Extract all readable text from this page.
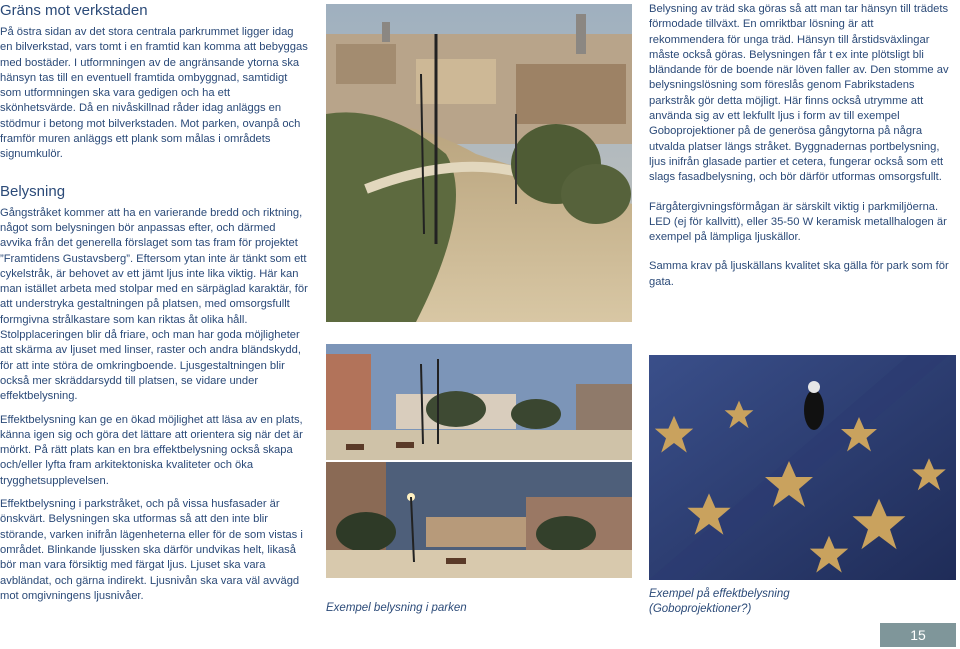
Gräns mot verkstaden

På östra sidan av det stora centrala parkrummet ligger idag en bilverkstad, vars tomt i en framtid kan komma att bebyggas med bostäder. I utformningen av de angränsande ytorna ska hänsyn tas till en eventuell framtida ombyggnad, samtidigt som utformningen ska vara gedigen och ha ett skönhetsvärde. Då en nivåskillnad råder idag anläggs en stödmur i betong mot bilverkstaden. Mot parken, ovanpå och framför muren anläggs ett plank som målas i områdets signumkulör.

Belysning

Gångstråket kommer att ha en varierande bredd och riktning, något som belysningen bör anpassas efter, och därmed avvika från det generella förslaget som tas fram för projektet ”Framtidens Gustavsberg”. Eftersom ytan inte är tänkt som ett cykelstråk, är behovet av ett jämt ljus inte lika viktig. Här kan man istället arbeta med stolpar med en särpäglad karaktär, för att understryka gestaltningen på platsen, med omsorgsfullt formgivna strålkastare som kan riktas åt olika håll. Stolpplaceringen blir då friare, och man har goda möjligheter att skärma av ljuset med linser, raster och andra bländskydd, för att inte störa de omkringboende. Ljusgestaltningen blir också mer skräddarsydd till platsen, se vidare under effektbelysning.

Effektbelysning kan ge en ökad möjlighet att läsa av en plats, känna igen sig och göra det lättare att orientera sig när det är mörkt. På rätt plats kan en bra effektbelysning också skapa och/eller lyfta fram arkitektoniska kvaliteter och öka trygghetsupplevelsen.

Effektbelysning i parkstråket, och på vissa husfasader är önskvärt. Belysningen ska utformas så att den inte blir störande, varken inifrån lägenheterna eller för de som vistas i området. Blinkande ljussken ska därför undvikas helt, likaså bör man vara försiktig med färgat ljus. Ljuset ska vara avbländat, och gärna indirekt. Ljusnivån ska vara väl avvägd mot omgivningens ljusnivåer.

Exempel belysning i parken

Belysning av träd ska göras så att man tar hänsyn till trädets förmodade tillväxt. En omriktbar lösning är att rekommendera för unga träd. Hänsyn till årstidsväxlingar måste också göras. Belysningen får t ex inte plötsligt bli bländande för de boende när löven faller av. Den stomme av belysningslösning som föreslås genom Fabrikstadens parkstråk gör detta möjligt. Här finns också utrymme att använda sig av ett lekfullt ljus i form av till exempel Goboprojektioner på de generösa gångytorna på några utvalda platser längs stråket. Byggnadernas portbelysning, ljus inifrån glasade partier et cetera, fungerar också som ett slags fasadbelysning, och bör därför utformas omsorgsfullt.

Färgåtergivningsförmågan är särskilt viktig i parkmiljöerna. LED (ej för kallvitt), eller 35-50 W keramisk metallhalogen är exempel på lämpliga ljuskällor.

Samma krav på ljuskällans kvalitet ska gälla för park som för gata.

Exempel på effektbelysning (Goboprojektioner?)
15
